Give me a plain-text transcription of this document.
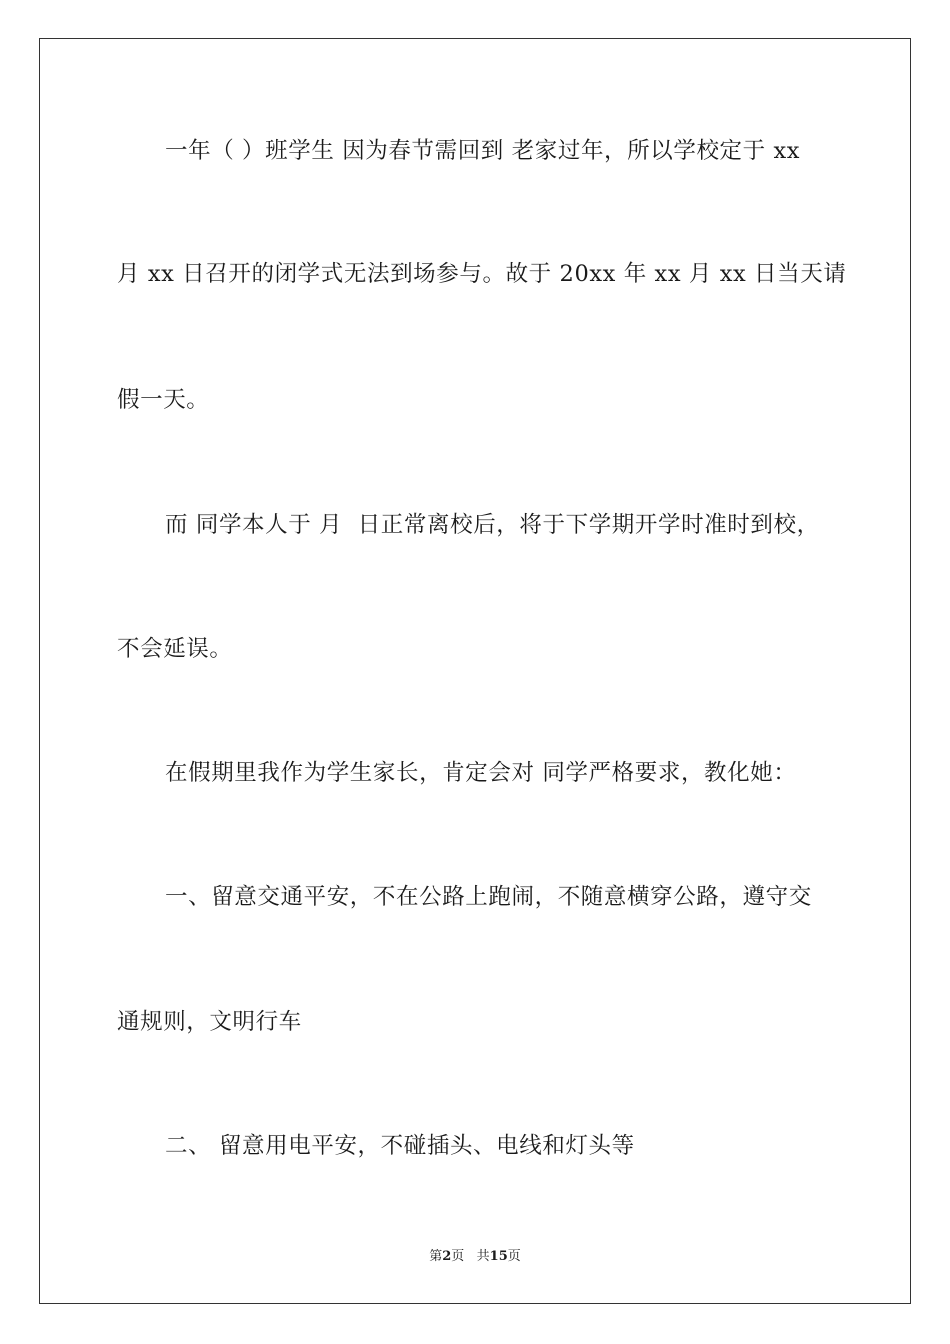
一年（ ）班学生 因为春节需回到 老家过年，所以学校定于 xx
月 xx 日召开的闭学式无法到场参与。故于 20xx 年 xx 月 xx 日当天请
假一天。
而 同学本人于 月  日正常离校后，将于下学期开学时准时到校，
不会延误。
在假期里我作为学生家长，肯定会对 同学严格要求，教化她：
一、留意交通平安，不在公路上跑闹，不随意横穿公路，遵守交
通规则，文明行车
二、 留意用电平安，不碰插头、电线和灯头等
第2页   共15页
